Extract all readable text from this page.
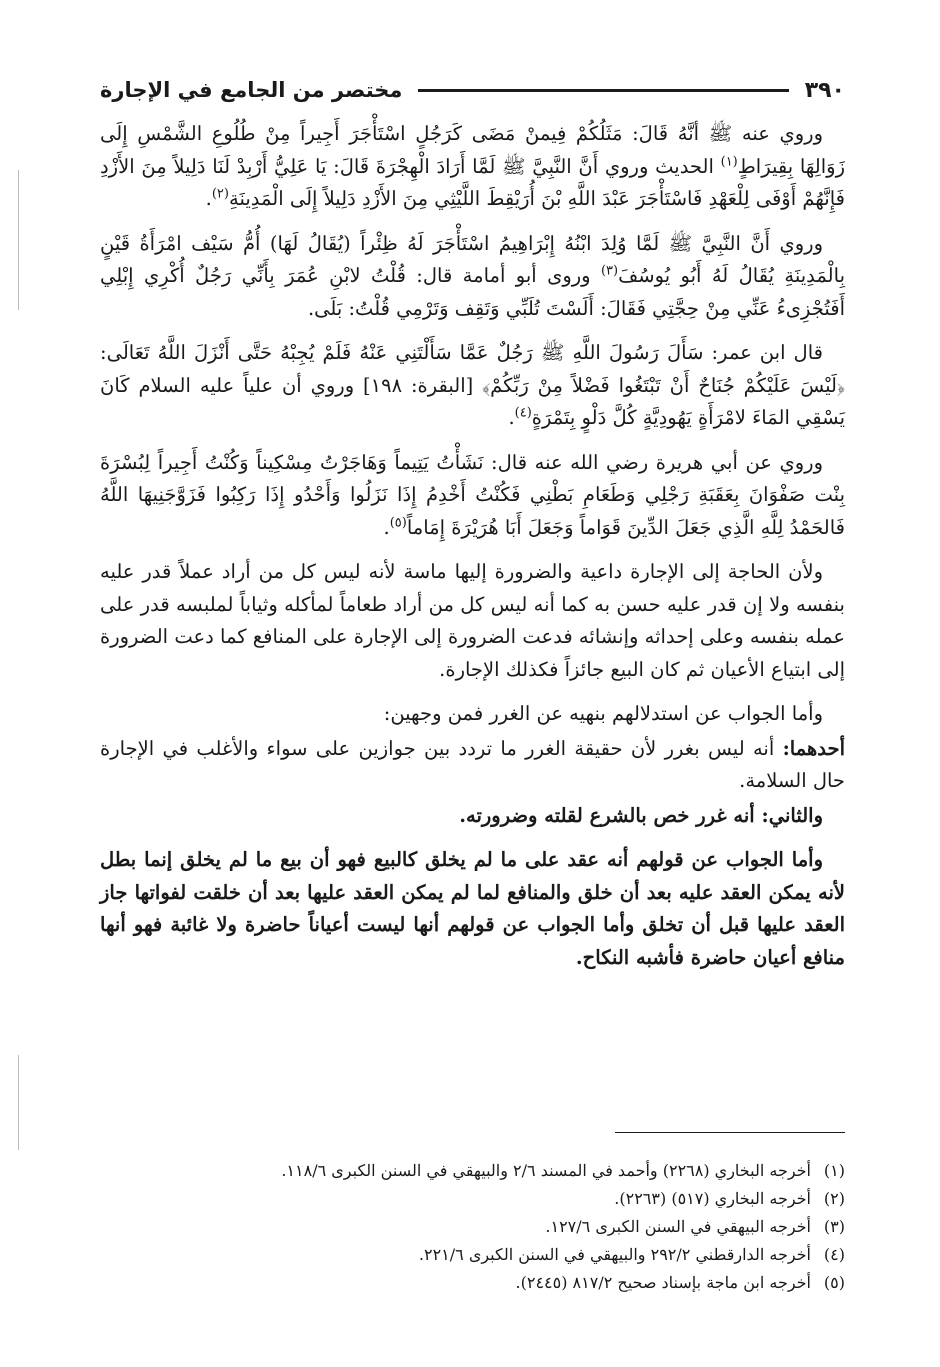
٣٩٠
مختصر من الجامع في الإجارة

وروي عنه ﷺ أنَّهُ قَالَ: مَثَلُكُمْ فِيمنْ مَضَى كَرَجُلٍ اسْتَأْجَرَ أَجِيراً مِنْ طُلُوعِ الشَّمْسِ إِلَى زَوَالِهَا بِقِيرَاطٍ$^{(١)}$ الحديث وروي أَنَّ النَّبِيَّ ﷺ لَمَّا أَرَادَ الْهِجْرَةَ قَالَ: يَا عَلِيُّ أَرْبِدْ لَنَا دَلِيلاً مِنَ الأَزْدِ فَإِنَّهُمْ أَوْفَى لِلْعَهْدِ فَاسْتَأْجَرَ عَبْدَ اللَّهِ بْنَ أُرَيْقِطَ اللَّيْثِي مِنَ الأَزْدِ دَلِيلاً إِلَى الْمَدِينَةِ$^{(٢)}$.

وروي أَنَّ النَّبِيَّ ﷺ لَمَّا وُلِدَ ابْنُهُ إِبْرَاهِيمُ اسْتَأْجَرَ لَهُ ظِئْراً (يُقَالُ لَهَا) أُمُّ سَيْف امْرَأَةُ قَيْنٍ بِالْمَدِينَةِ يُقَالُ لَهُ أَبُو يُوسُفَ$^{(٣)}$ وروى أبو أمامة قال: قُلْتُ لابْنِ عُمَرَ بِأَنِّي رَجُلٌ أُكْرِي إِبْلِي أَفَتُجْزِىءُ عَنِّي مِنْ حِجَّتِي فَقَالَ: أَلَسْتَ تُلَبِّي وَتَقِف وَتَرْمِي قُلْتُ: بَلَى.

قال ابن عمر: سَأَلَ رَسُولَ اللَّهِ ﷺ رَجُلٌ عَمَّا سَأَلْتَنِي عَنْهُ فَلَمْ يُجِبْهُ حَتَّى أَنْزَلَ اللَّهُ تَعَالَى: ﴿لَيْسَ عَلَيْكُمْ جُنَاحٌ أَنْ تَبْتَغُوا فَضْلاً مِنْ رَبِّكُمْ﴾ [البقرة: ١٩٨] وروي أن علياً عليه السلام كَانَ يَسْقِي المَاءَ لامْرَأَةٍ يَهُودِيَّةٍ كُلَّ دَلْوٍ بِتَمْرَةٍ$^{(٤)}$.

وروي عن أبي هريرة رضي الله عنه قال: نَشَأْتُ يَتِيماً وَهَاجَرْتُ مِسْكِيناً وَكُنْتُ أَجِيراً لِبُسْرَةَ بِنْت صَفْوَانَ بِعَقَبَةِ رَجْلِي وَطَعَامِ بَطْنِي فَكُنْتُ أَخْدِمُ إِذَا نَزَلُوا وَأَحْدُو إِذَا رَكِبُوا فَزَوَّجَنِيهَا اللَّهُ فَالحَمْدُ لِلَّهِ الَّذِي جَعَلَ الدِّينَ قَوَاماً وَجَعَلَ أَبَا هُرَيْرَةَ إِمَاماً$^{(٥)}$.

ولأن الحاجة إلى الإجارة داعية والضرورة إليها ماسة لأنه ليس كل من أراد عملاً قدر عليه بنفسه ولا إن قدر عليه حسن به كما أنه ليس كل من أراد طعاماً لمأكله وثياباً لملبسه قدر على عمله بنفسه وعلى إحداثه وإنشائه فدعت الضرورة إلى الإجارة على المنافع كما دعت الضرورة إلى ابتياع الأعيان ثم كان البيع جائزاً فكذلك الإجارة.

وأما الجواب عن استدلالهم بنهيه عن الغرر فمن وجهين:

أحدهما: أنه ليس بغرر لأن حقيقة الغرر ما تردد بين جوازين على سواء والأغلب في الإجارة حال السلامة.

والثاني: أنه غرر خص بالشرع لقلته وضرورته.

وأما الجواب عن قولهم أنه عقد على ما لم يخلق كالبيع فهو أن بيع ما لم يخلق إنما بطل لأنه يمكن العقد عليه بعد أن خلق والمنافع لما لم يمكن العقد عليها بعد أن خلقت لفواتها جاز العقد عليها قبل أن تخلق وأما الجواب عن قولهم أنها ليست أعياناً حاضرة ولا غائبة فهو أنها منافع أعيان حاضرة فأشبه النكاح.

(١)
أخرجه البخاري (٢٢٦٨) وأحمد في المسند ٢/٦ والبيهقي في السنن الكبرى ١١٨/٦.
(٢)
أخرجه البخاري (٥١٧) (٢٢٦٣).
(٣)
أخرجه البيهقي في السنن الكبرى ١٢٧/٦.
(٤)
أخرجه الدارقطني ٢٩٢/٢ والبيهقي في السنن الكبرى ٢٢١/٦.
(٥)
أخرجه ابن ماجة بإسناد صحيح ٨١٧/٢ (٢٤٤٥).
